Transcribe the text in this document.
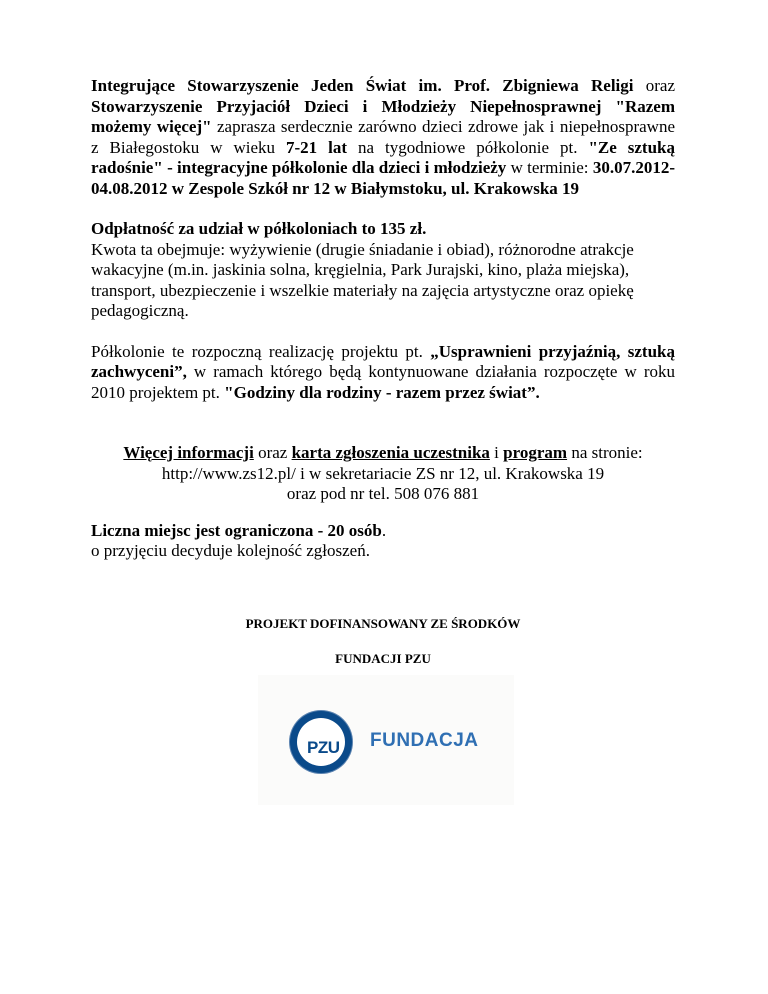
Integrujące Stowarzyszenie Jeden Świat im. Prof. Zbigniewa Religi oraz Stowarzyszenie Przyjaciół Dzieci i Młodzieży Niepełnosprawnej "Razem możemy więcej" zaprasza serdecznie zarówno dzieci zdrowe jak i niepełnosprawne z Białegostoku w wieku 7-21 lat na tygodniowe półkolonie pt. "Ze sztuką radośnie" - integracyjne półkolonie dla dzieci i młodzieży w terminie: 30.07.2012-04.08.2012 w Zespole Szkół nr 12 w Białymstoku, ul. Krakowska 19

Odpłatność za udział w półkoloniach to 135 zł.
Kwota ta obejmuje: wyżywienie (drugie śniadanie i obiad), różnorodne atrakcje wakacyjne (m.in. jaskinia solna, kręgielnia, Park Jurajski, kino, plaża miejska), transport, ubezpieczenie i wszelkie materiały na zajęcia artystyczne oraz opiekę pedagogiczną.

Półkolonie te rozpoczną realizację projektu pt. „Usprawnieni przyjaźnią, sztuką zachwyceni”, w ramach którego będą kontynuowane działania rozpoczęte w roku 2010 projektem pt. "Godziny dla rodziny - razem przez świat”.

Więcej informacji oraz karta zgłoszenia uczestnika i program na stronie:
http://www.zs12.pl/ i w sekretariacie ZS nr 12, ul. Krakowska 19
oraz pod nr tel. 508 076 881

Liczna miejsc jest ograniczona - 20 osób.
o przyjęciu decyduje kolejność zgłoszeń.

PROJEKT DOFINANSOWANY ZE ŚRODKÓW

FUNDACJI PZU

PZU FUNDACJA
